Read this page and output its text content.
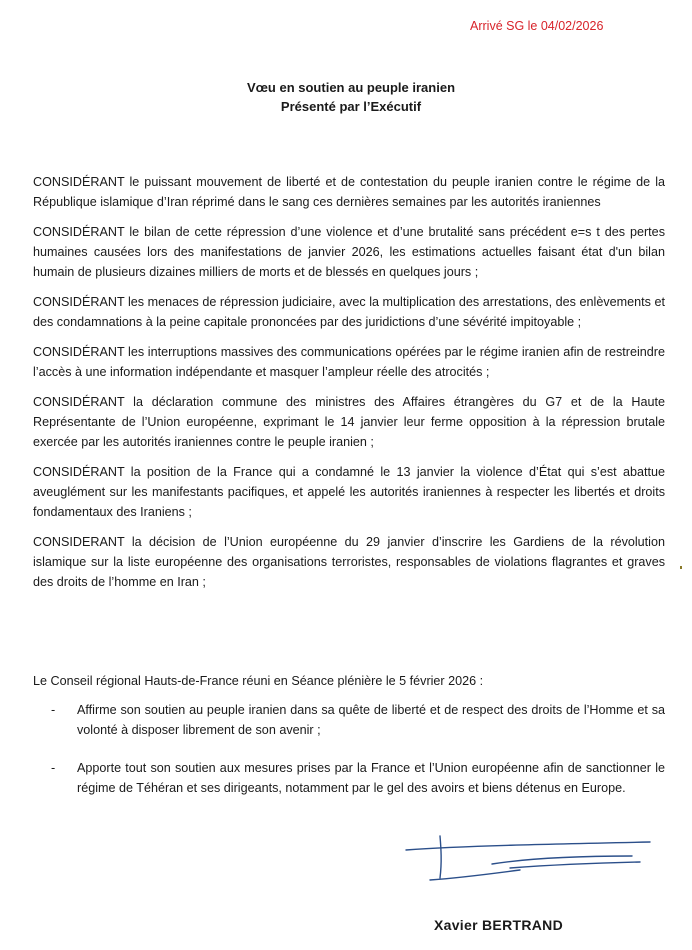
Arrivé SG le 04/02/2026
Vœu en soutien au peuple iranien
Présenté par l’Exécutif

CONSIDÉRANT le puissant mouvement de liberté et de contestation du peuple iranien contre le régime de la République islamique d’Iran réprimé dans le sang ces dernières semaines par les autorités iraniennes

CONSIDÉRANT le bilan de cette répression d’une violence et d’une brutalité sans précédent e=s t des pertes humaines causées lors des manifestations de janvier 2026, les estimations actuelles faisant état d'un bilan humain de plusieurs dizaines milliers de morts et de blessés en quelques jours ;

CONSIDÉRANT les menaces de répression judiciaire, avec la multiplication des arrestations, des enlèvements et des condamnations à la peine capitale prononcées par des juridictions d’une sévérité impitoyable ;

CONSIDÉRANT les interruptions massives des communications opérées par le régime iranien afin de restreindre l’accès à une information indépendante et masquer l’ampleur réelle des atrocités ;

CONSIDÉRANT la déclaration commune des ministres des Affaires étrangères du G7 et de la Haute Représentante de l’Union européenne, exprimant le 14 janvier leur ferme opposition à la répression brutale exercée par les autorités iraniennes contre le peuple iranien ;

CONSIDÉRANT la position de la France qui a condamné le 13 janvier la violence d’État qui s’est abattue aveuglément sur les manifestants pacifiques, et appelé les autorités iraniennes à respecter les libertés et droits fondamentaux des Iraniens ;

CONSIDERANT la décision de l’Union européenne du 29 janvier d’inscrire les Gardiens de la révolution islamique sur la liste européenne des organisations terroristes, responsables de violations flagrantes et graves des droits de l’homme en Iran ;

Le Conseil régional Hauts-de-France réuni en Séance plénière le 5 février 2026 :
- Affirme son soutien au peuple iranien dans sa quête de liberté et de respect des droits de l’Homme et sa volonté à disposer librement de son avenir ;
- Apporte tout son soutien aux mesures prises par la France et l’Union européenne afin de sanctionner le régime de Téhéran et ses dirigeants, notamment par le gel des avoirs et biens détenus en Europe.
Xavier BERTRAND
